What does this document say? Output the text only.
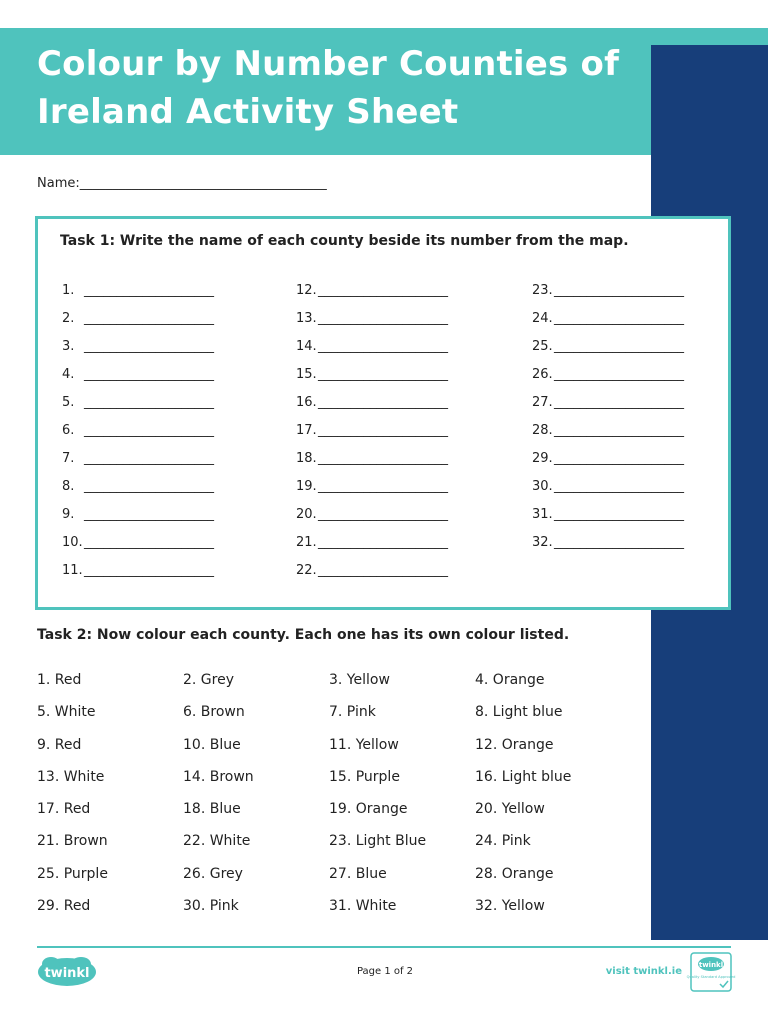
Colour by Number Counties of Ireland Activity Sheet
Name:______________________________________
Task 1: Write the name of each county beside its number from the map.
1. ____________________
2. ____________________
3. ____________________
4. ____________________
5. ____________________
6. ____________________
7. ____________________
8. ____________________
9. ____________________
10. ____________________
11. ____________________
12. ____________________
13. ____________________
14. ____________________
15. ____________________
16. ____________________
17. ____________________
18. ____________________
19. ____________________
20. ____________________
21. ____________________
22. ____________________
23. ____________________
24. ____________________
25. ____________________
26. ____________________
27. ____________________
28. ____________________
29. ____________________
30. ____________________
31. ____________________
32. ____________________
Task 2: Now colour each county. Each one has its own colour listed.
1. Red	2. Grey	3. Yellow	4. Orange
5. White	6. Brown	7. Pink	8. Light blue
9. Red	10. Blue	11. Yellow	12. Orange
13. White	14. Brown	15. Purple	16. Light blue
17. Red	18. Blue	19. Orange	20. Yellow
21. Brown	22. White	23. Light Blue	24. Pink
25. Purple	26. Grey	27. Blue	28. Orange
29. Red	30. Pink	31. White	32. Yellow
twinkl	Page 1 of 2	visit twinkl.ie
twinkl
Quality Standard Approved
